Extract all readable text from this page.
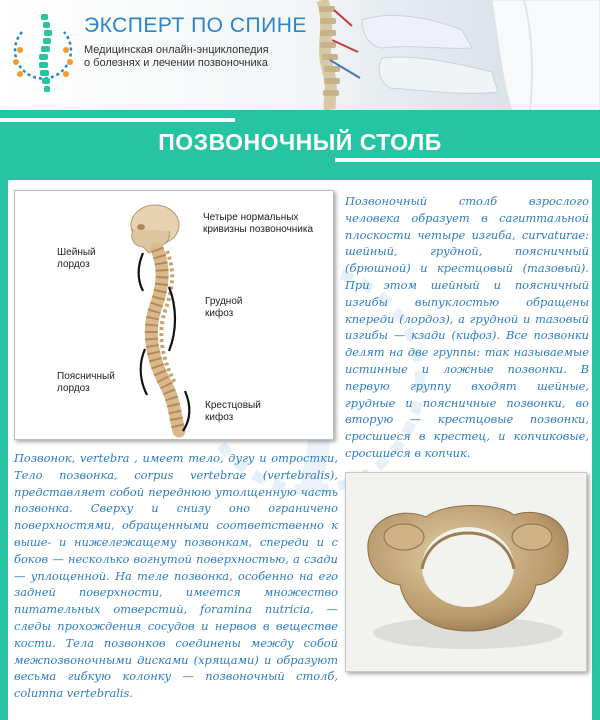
ЭКСПЕРТ ПО СПИНЕ
Медицинская онлайн-энциклопедия о болезнях и лечении позвоночника
ПОЗВОНОЧНЫЙ СТОЛБ
Четыре нормальных кривизны позвоночника
Шейный лордоз
Грудной кифоз
Поясничный лордоз
Крестцовый кифоз
Позвоночный столб взрослого человека образует в сагиттальной плоскости четыре изгиба, curvaturae: шейный, грудной, поясничный (брюшной) и крестцовый (тазовый). При этом шейный и поясничный изгибы выпуклостью обращены кпереди (лордоз), а грудной и тазовый изгибы — кзади (кифоз). Все позвонки делят на две группы: так называемые истинные и ложные позвонки. В первую группу входят шейные, грудные и поясничные позвонки, во вторую — крестцовые позвонки, сросшиеся в крестец, и копчиковые, сросшиеся в копчик.
Позвонок, vertebra , имеет тело, дугу и отростки, Тело позвонка, corpus vertebrae (vertebralis), представляет собой переднюю утолщенную часть позвонка. Сверху и снизу оно ограничено поверхностями, обращенными соответственно к выше- и нижележащему позвонкам, спереди и с боков — несколько вогнутой поверхностью, а сзади — уплощенной. На теле позвонка, особенно на его задней поверхности, имеется множество питательных отверстий, foramina nutricia, — следы прохождения сосудов и нервов в веществе кости. Тела позвонков соединены между собой межпозвоночными дисками (хрящами) и образуют весьма гибкую колонку — позвоночный столб, columna vertebralis.
